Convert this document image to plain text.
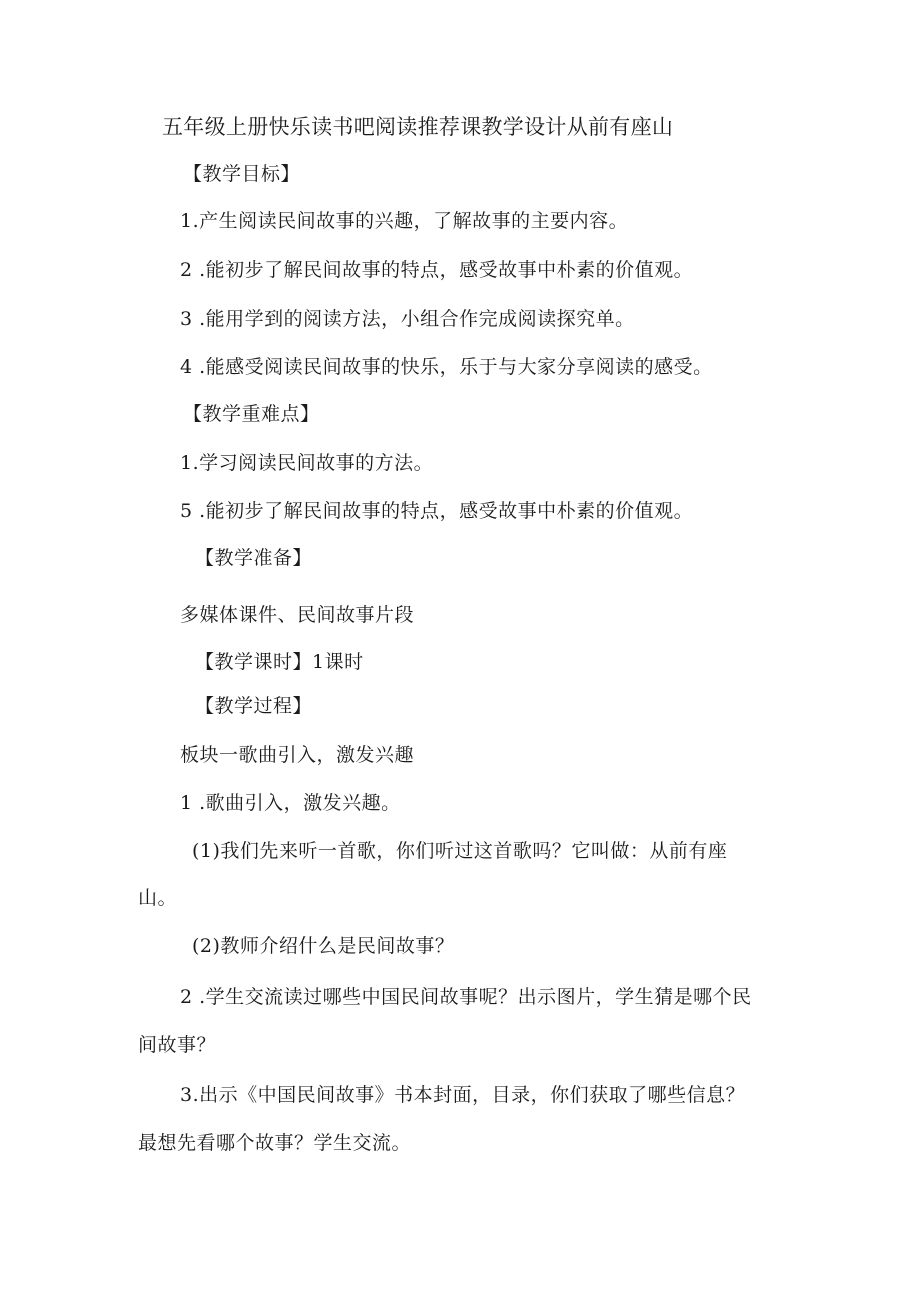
五年级上册快乐读书吧阅读推荐课教学设计从前有座山
【教学目标】
1.产生阅读民间故事的兴趣，了解故事的主要内容。
2 .能初步了解民间故事的特点，感受故事中朴素的价值观。
3 .能用学到的阅读方法，小组合作完成阅读探究单。
4 .能感受阅读民间故事的快乐，乐于与大家分享阅读的感受。
【教学重难点】
1.学习阅读民间故事的方法。
5 .能初步了解民间故事的特点，感受故事中朴素的价值观。
【教学准备】
多媒体课件、民间故事片段
【教学课时】1课时
【教学过程】
板块一歌曲引入，激发兴趣
1 .歌曲引入，激发兴趣。
(1)我们先来听一首歌，你们听过这首歌吗？它叫做：从前有座
山。
(2)教师介绍什么是民间故事？
2 .学生交流读过哪些中国民间故事呢？出示图片，学生猜是哪个民
间故事？
3.出示《中国民间故事》书本封面，目录，你们获取了哪些信息？
最想先看哪个故事？学生交流。
